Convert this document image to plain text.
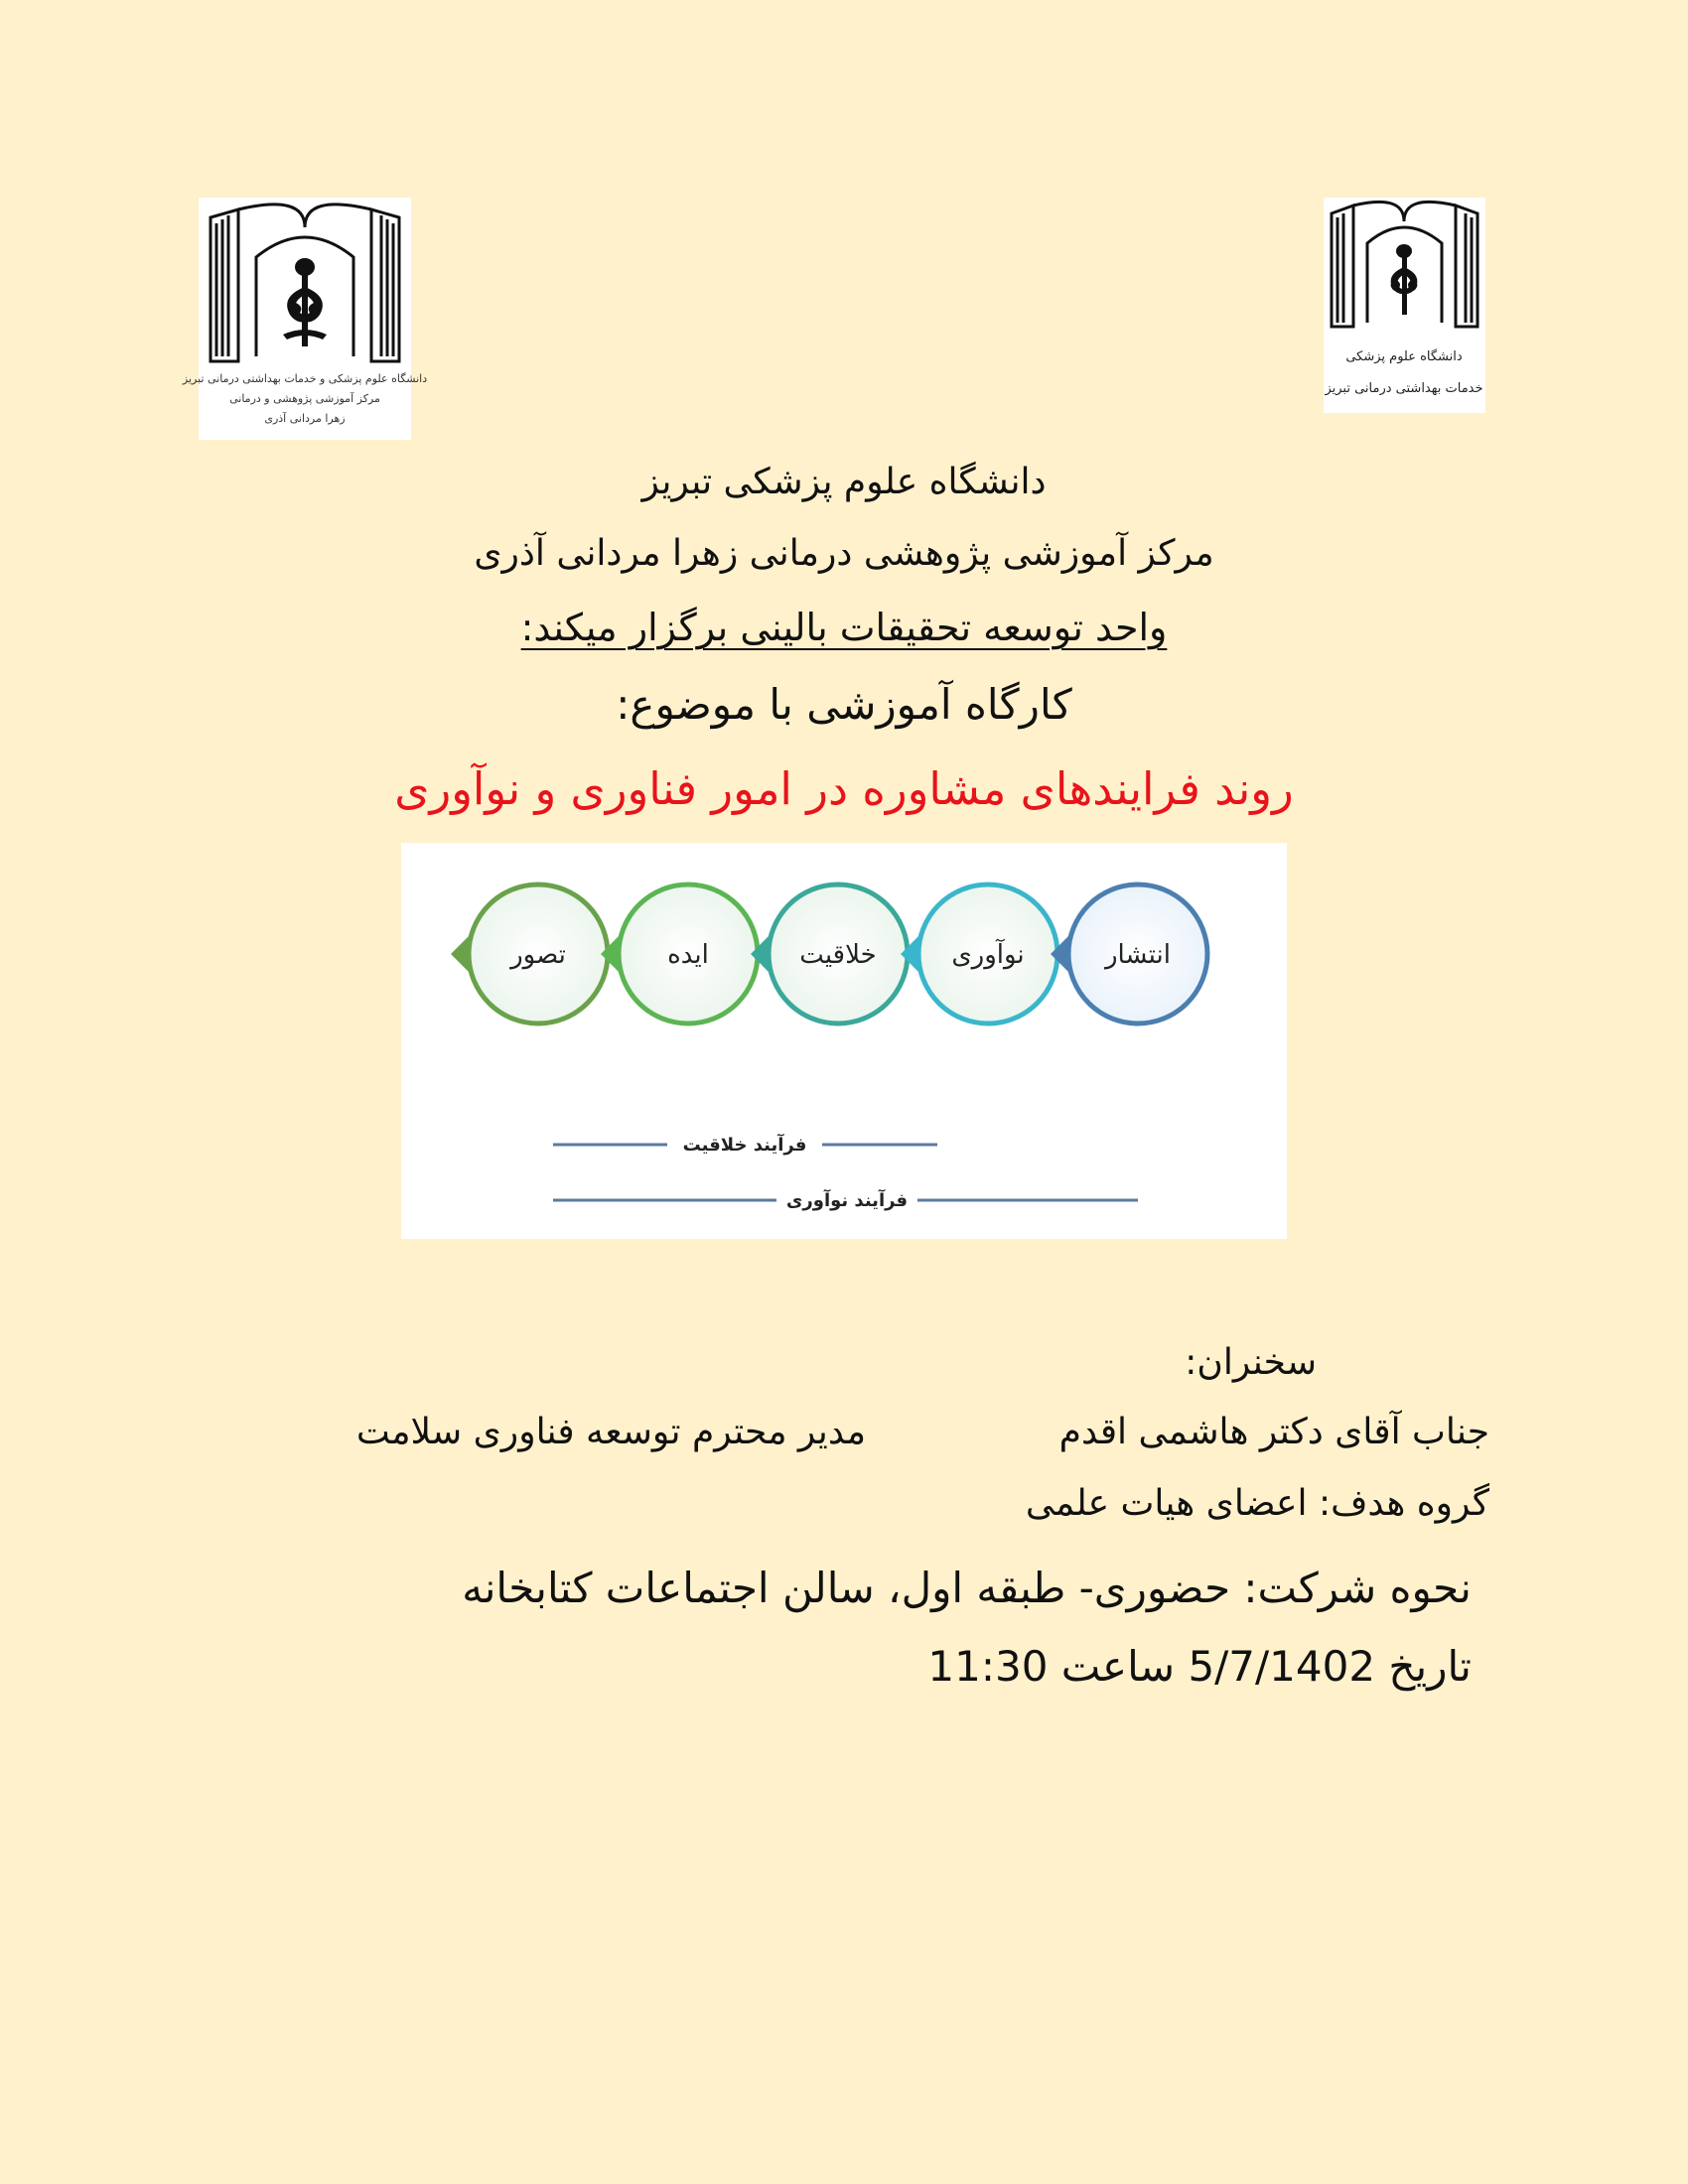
دانشگاه علوم پزشکی و خدمات بهداشتی درمانی تبریز
مرکز آموزشی پژوهشی و درمانی
زهرا مردانی آذری
دانشگاه علوم پزشکی
خدمات بهداشتی درمانی تبریز
دانشگاه علوم پزشکی تبریز
مرکز آموزشی پژوهشی درمانی زهرا مردانی آذری
واحد توسعه تحقیقات بالینی برگزار میکند:
کارگاه آموزشی با موضوع:
روند فرایندهای مشاوره در امور فناوری و نوآوری
تصور	ایده	خلاقیت	نوآوری	انتشار
فرآیند خلاقیت
فرآیند نوآوری
سخنران:
جناب آقای دکتر هاشمی اقدم
مدیر محترم توسعه فناوری سلامت
گروه هدف: اعضای هیات علمی
نحوه شرکت: حضوری- طبقه اول، سالن اجتماعات کتابخانه
تاریخ 5/7/1402 ساعت 11:30
